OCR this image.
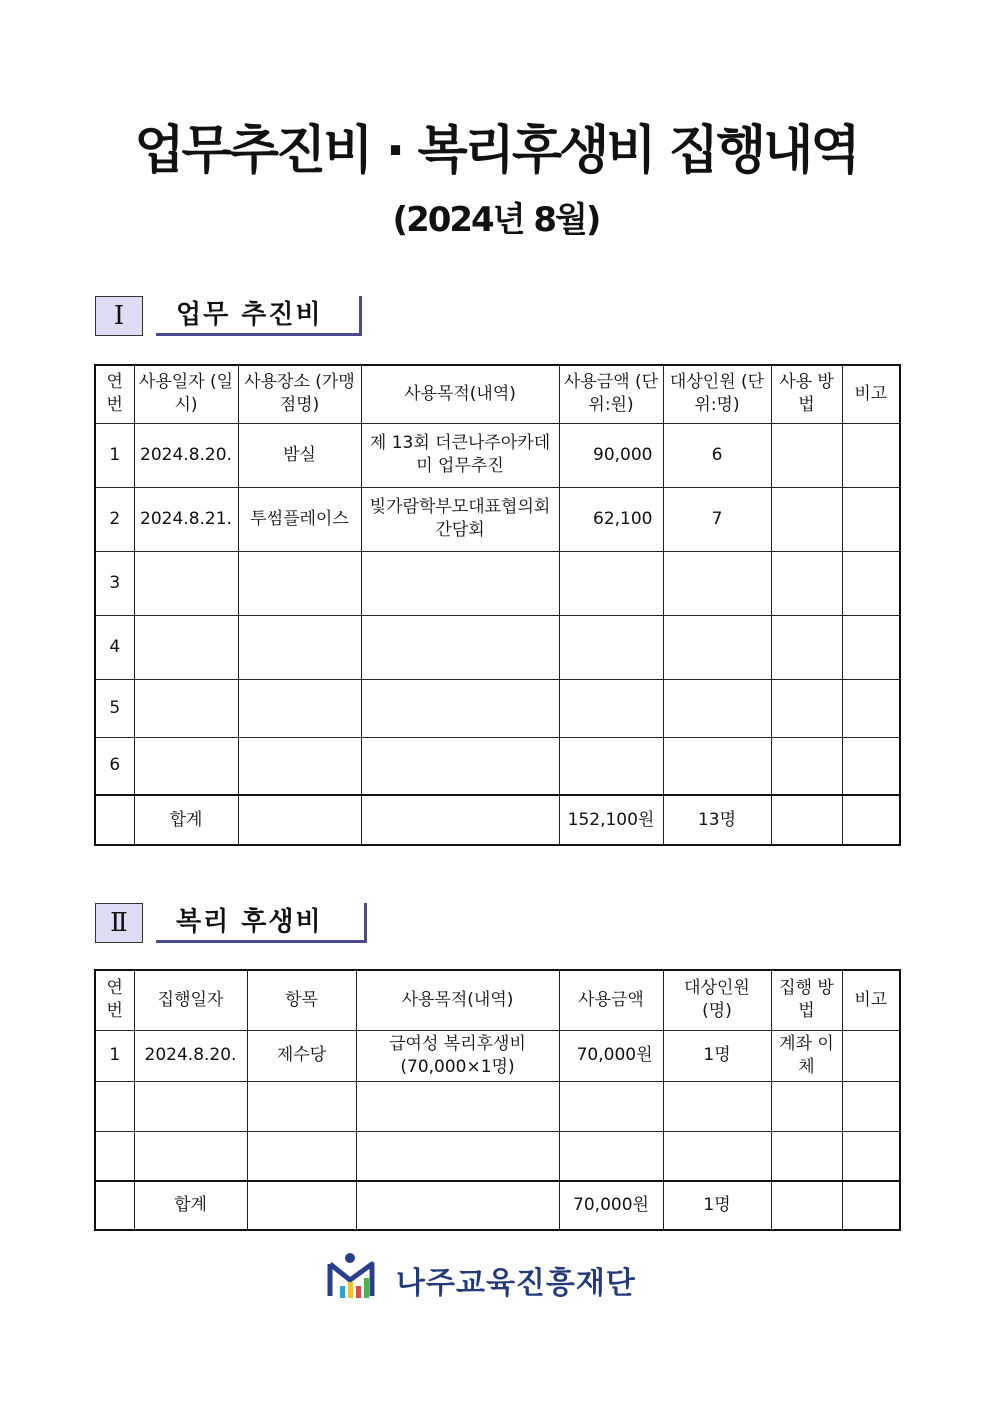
업무추진비 · 복리후생비 집행내역
(2024년 8월)
Ⅰ	업무 추진비
연번	사용일자 (일시)	사용장소 (가맹점명)	사용목적(내역)	사용금액 (단위:원)	대상인원 (단위:명)	사용 방법	비고
1	2024.8.20.	밤실	제 13회 더큰나주아카데미 업무추진	90,000	6		
2	2024.8.21.	투썸플레이스	빛가람학부모대표협의회 간담회	62,100	7		
3							
4							
5							
6							
	합계			152,100원	13명		
Ⅱ	복리 후생비
연번	집행일자	항목	사용목적(내역)	사용금액	대상인원 (명)	집행 방법	비고
1	2024.8.20.	제수당	급여성 복리후생비 (70,000×1명)	70,000원	1명	계좌 이체	

	합계			70,000원	1명		
나주교육진흥재단
